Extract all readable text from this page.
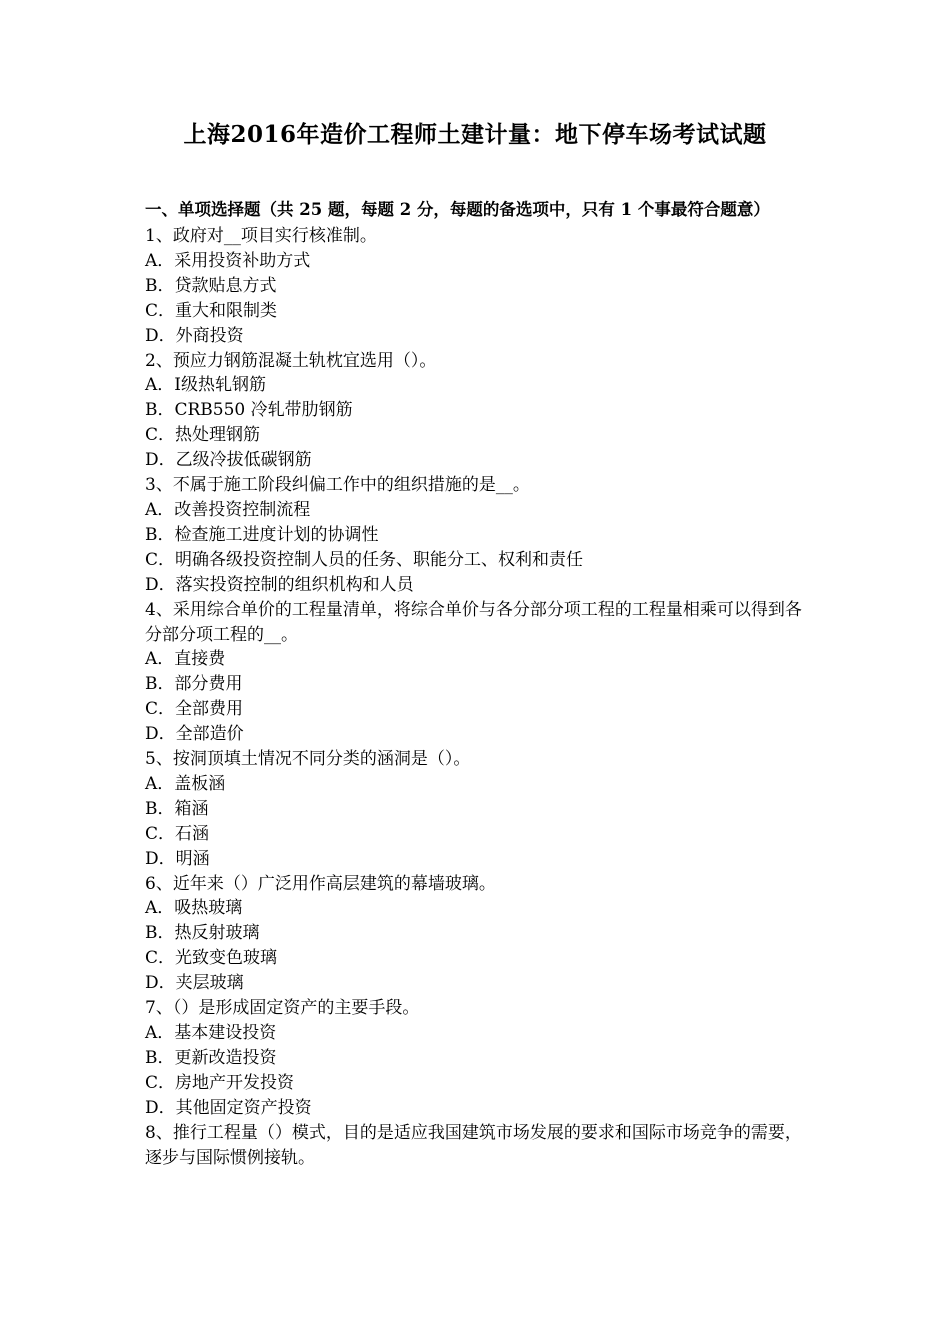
上海2016年造价工程师土建计量：地下停车场考试试题
一、单项选择题（共 25 题，每题 2 分，每题的备选项中，只有 1 个事最符合题意）
1、政府对__项目实行核准制。
A．采用投资补助方式
B．贷款贴息方式
C．重大和限制类
D．外商投资
2、预应力钢筋混凝土轨枕宜选用（）。
A．Ⅰ级热轧钢筋
B．CRB550 冷轧带肋钢筋
C．热处理钢筋
D．乙级冷拔低碳钢筋
3、不属于施工阶段纠偏工作中的组织措施的是__。
A．改善投资控制流程
B．检查施工进度计划的协调性
C．明确各级投资控制人员的任务、职能分工、权利和责任
D．落实投资控制的组织机构和人员
4、采用综合单价的工程量清单，将综合单价与各分部分项工程的工程量相乘可以得到各分部分项工程的__。
A．直接费
B．部分费用
C．全部费用
D．全部造价
5、按洞顶填土情况不同分类的涵洞是（）。
A．盖板涵
B．箱涵
C．石涵
D．明涵
6、近年来（）广泛用作高层建筑的幕墙玻璃。
A．吸热玻璃
B．热反射玻璃
C．光致变色玻璃
D．夹层玻璃
7、（）是形成固定资产的主要手段。
A．基本建设投资
B．更新改造投资
C．房地产开发投资
D．其他固定资产投资
8、推行工程量（）模式，目的是适应我国建筑市场发展的要求和国际市场竞争的需要，逐步与国际惯例接轨。
